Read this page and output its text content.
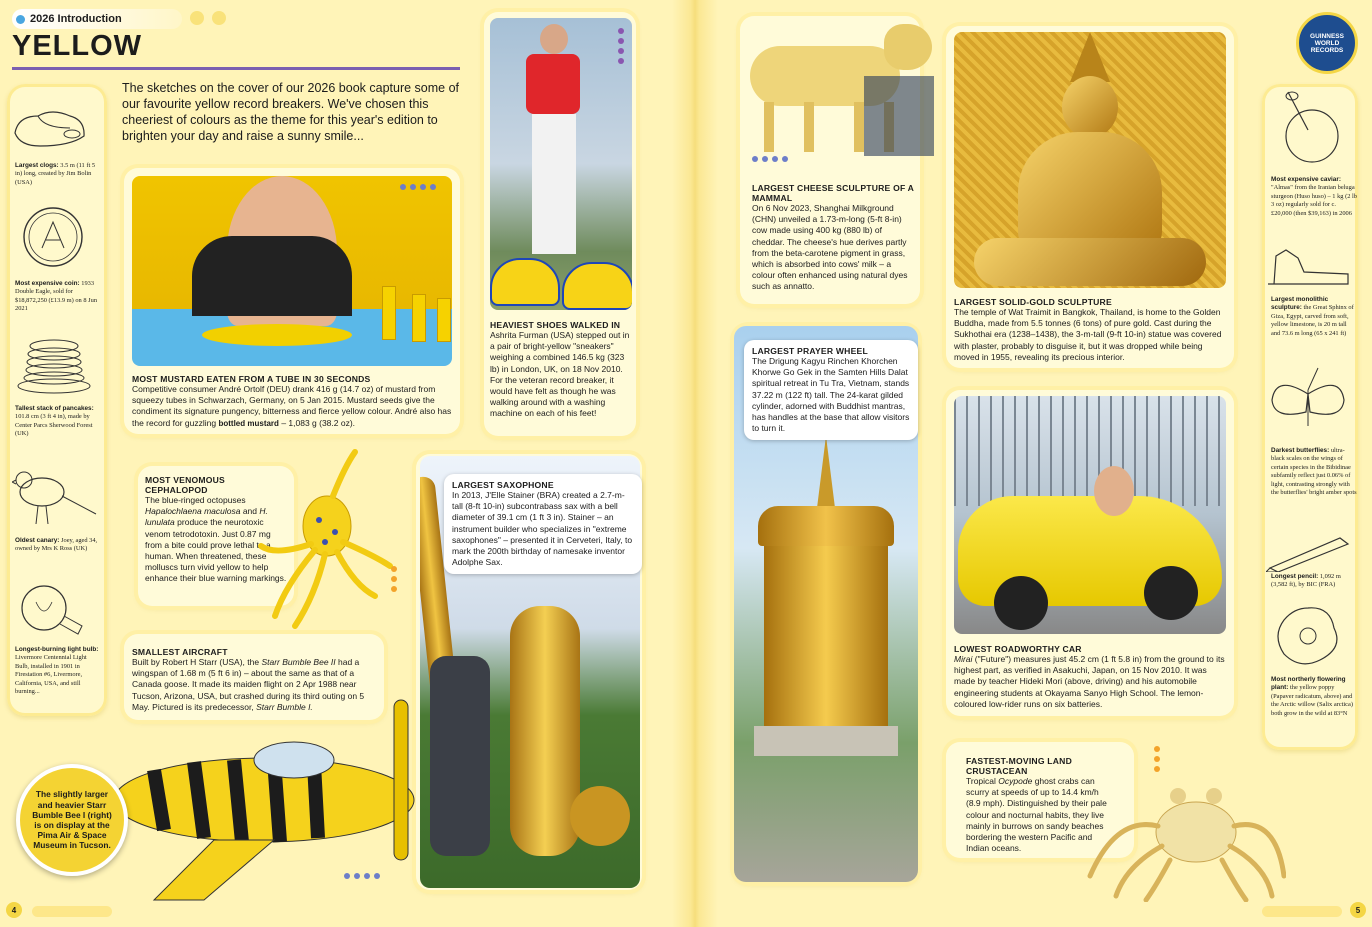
2026 Introduction
YELLOW
The sketches on the cover of our 2026 book capture some of our favourite yellow record breakers. We've chosen this cheeriest of colours as the theme for this year's edition to brighten your day and raise a sunny smile...
Largest clogs: 3.5 m (11 ft 5 in) long, created by Jim Bolin (USA)
Most expensive coin: 1933 Double Eagle, sold for $18,872,250 (£13.9 m) on 8 Jun 2021
Tallest stack of pancakes: 101.8 cm (3 ft 4 in), made by Center Parcs Sherwood Forest (UK)
Oldest canary: Joey, aged 34, owned by Mrs K Ross (UK)
Longest-burning light bulb: Livermore Centennial Light Bulb, installed in 1901 in Firestation #6, Livermore, California, USA, and still burning...
MOST MUSTARD EATEN FROM A TUBE IN 30 SECONDS
Competitive consumer André Ortolf (DEU) drank 416 g (14.7 oz) of mustard from squeezy tubes in Schwarzach, Germany, on 5 Jan 2015. Mustard seeds give the condiment its signature pungency, bitterness and fierce yellow colour. André also has the record for guzzling bottled mustard – 1,083 g (38.2 oz).
HEAVIEST SHOES WALKED IN
Ashrita Furman (USA) stepped out in a pair of bright-yellow "sneakers" weighing a combined 146.5 kg (323 lb) in London, UK, on 18 Nov 2010. For the veteran record breaker, it would have felt as though he was walking around with a washing machine on each of his feet!
MOST VENOMOUS CEPHALOPOD
The blue-ringed octopuses Hapalochlaena maculosa and H. lunulata produce the neurotoxic venom tetrodotoxin. Just 0.87 mg from a bite could prove lethal to a human. When threatened, these molluscs turn vivid yellow to help enhance their blue warning markings.
LARGEST SAXOPHONE
In 2013, J'Elle Stainer (BRA) created a 2.7-m-tall (8-ft 10-in) subcontrabass sax with a bell diameter of 39.1 cm (1 ft 3 in). Stainer – an instrument builder who specializes in "extreme saxophones" – presented it in Cerveteri, Italy, to mark the 200th birthday of namesake inventor Adolphe Sax.
SMALLEST AIRCRAFT
Built by Robert H Starr (USA), the Starr Bumble Bee II had a wingspan of 1.68 m (5 ft 6 in) – about the same as that of a Canada goose. It made its maiden flight on 2 Apr 1988 near Tucson, Arizona, USA, but crashed during its third outing on 5 May. Pictured is its predecessor, Starr Bumble I.
The slightly larger and heavier Starr Bumble Bee I (right) is on display at the Pima Air & Space Museum in Tucson.
4
LARGEST CHEESE SCULPTURE OF A MAMMAL
On 6 Nov 2023, Shanghai Milkground (CHN) unveiled a 1.73-m-long (5-ft 8-in) cow made using 400 kg (880 lb) of cheddar. The cheese's hue derives partly from the beta-carotene pigment in grass, which is absorbed into cows' milk – a colour often enhanced using natural dyes such as annatto.
LARGEST SOLID-GOLD SCULPTURE
The temple of Wat Traimit in Bangkok, Thailand, is home to the Golden Buddha, made from 5.5 tonnes (6 tons) of pure gold. Cast during the Sukhothai era (1238–1438), the 3-m-tall (9-ft 10-in) statue was covered with plaster, probably to disguise it, but it was dropped while being moved in 1955, revealing its precious interior.
LARGEST PRAYER WHEEL
The Drigung Kagyu Rinchen Khorchen Khorwe Go Gek in the Samten Hills Dalat spiritual retreat in Tu Tra, Vietnam, stands 37.22 m (122 ft) tall. The 24-karat gilded cylinder, adorned with Buddhist mantras, has handles at the base that allow visitors to turn it.
LOWEST ROADWORTHY CAR
Mirai ("Future") measures just 45.2 cm (1 ft 5.8 in) from the ground to its highest part, as verified in Asakuchi, Japan, on 15 Nov 2010. It was made by teacher Hideki Mori (above, driving) and his automobile engineering students at Okayama Sanyo High School. The lemon-coloured low-rider runs on six batteries.
FASTEST-MOVING LAND CRUSTACEAN
Tropical Ocypode ghost crabs can scurry at speeds of up to 14.4 km/h (8.9 mph). Distinguished by their pale colour and nocturnal habits, they live mainly in burrows on sandy beaches bordering the western Pacific and Indian oceans.
GUINNESS WORLD RECORDS
Most expensive caviar: "Almas" from the Iranian beluga sturgeon (Huso huso) – 1 kg (2 lb 3 oz) regularly sold for c. £20,000 (then $39,163) in 2006
Largest monolithic sculpture: the Great Sphinx of Giza, Egypt, carved from soft, yellow limestone, is 20 m tall and 73.6 m long (65 x 241 ft)
Darkest butterflies: ultra-black scales on the wings of certain species in the Bibidinae subfamily reflect just 0.06% of light, contrasting strongly with the butterflies' bright amber spots
Longest pencil: 1,092 m (3,582 ft), by BIC (FRA)
Most northerly flowering plant: the yellow poppy (Papaver radicatum, above) and the Arctic willow (Salix arctica) both grow in the wild at 83°N
5
